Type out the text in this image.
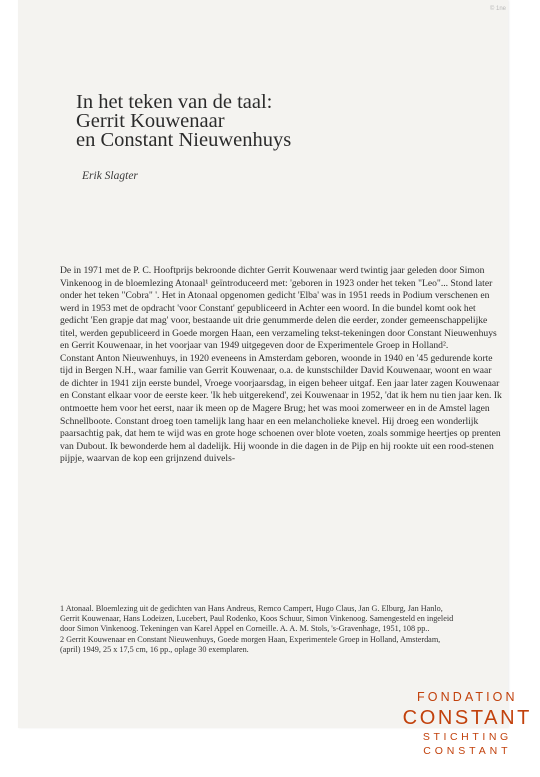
© 1ne
In het teken van de taal:
Gerrit Kouwenaar
en Constant Nieuwenhuys
Erik Slagter

De in 1971 met de P. C. Hooftprijs bekroonde dichter Gerrit Kouwenaar werd twintig jaar geleden door Simon Vinkenoog in de bloemlezing Atonaal¹ geïntroduceerd met: 'geboren in 1923 onder het teken "Leo"... Stond later onder het teken "Cobra" '. Het in Atonaal opgenomen gedicht 'Elba' was in 1951 reeds in Podium verschenen en werd in 1953 met de opdracht 'voor Constant' gepubliceerd in Achter een woord. In die bundel komt ook het gedicht 'Een grapje dat mag' voor, bestaande uit drie genummerde delen die eerder, zonder gemeenschappelijke titel, werden gepubliceerd in Goede morgen Haan, een verzameling tekst-tekeningen door Constant Nieuwenhuys en Gerrit Kouwenaar, in het voorjaar van 1949 uitgegeven door de Experimentele Groep in Holland².

Constant Anton Nieuwenhuys, in 1920 eveneens in Amsterdam geboren, woonde in 1940 en '45 gedurende korte tijd in Bergen N.H., waar familie van Gerrit Kouwenaar, o.a. de kunstschilder David Kouwenaar, woont en waar de dichter in 1941 zijn eerste bundel, Vroege voorjaarsdag, in eigen beheer uitgaf. Een jaar later zagen Kouwenaar en Constant elkaar voor de eerste keer. 'Ik heb uitgerekend', zei Kouwenaar in 1952, 'dat ik hem nu tien jaar ken. Ik ontmoette hem voor het eerst, naar ik meen op de Magere Brug; het was mooi zomerweer en in de Amstel lagen Schnellboote. Constant droeg toen tamelijk lang haar en een melancholieke knevel. Hij droeg een wonderlijk paarsachtig pak, dat hem te wijd was en grote hoge schoenen over blote voeten, zoals sommige heertjes op prenten van Dubout. Ik bewonderde hem al dadelijk. Hij woonde in die dagen in de Pijp en hij rookte uit een rood-stenen pijpje, waarvan de kop een grijnzend duivels-

1 Atonaal. Bloemlezing uit de gedichten van Hans Andreus, Remco Campert, Hugo Claus, Jan G. Elburg, Jan Hanlo, Gerrit Kouwenaar, Hans Lodeizen, Lucebert, Paul Rodenko, Koos Schuur, Simon Vinkenoog. Samengesteld en ingeleid door Simon Vinkenoog. Tekeningen van Karel Appel en Corneille. A. A. M. Stols, 's-Gravenhage, 1951, 108 pp..

2 Gerrit Kouwenaar en Constant Nieuwenhuys, Goede morgen Haan, Experimentele Groep in Holland, Amsterdam, (april) 1949, 25 x 17,5 cm, 16 pp., oplage 30 exemplaren.

FONDATION
CONSTANT
STICHTING
CONSTANT
